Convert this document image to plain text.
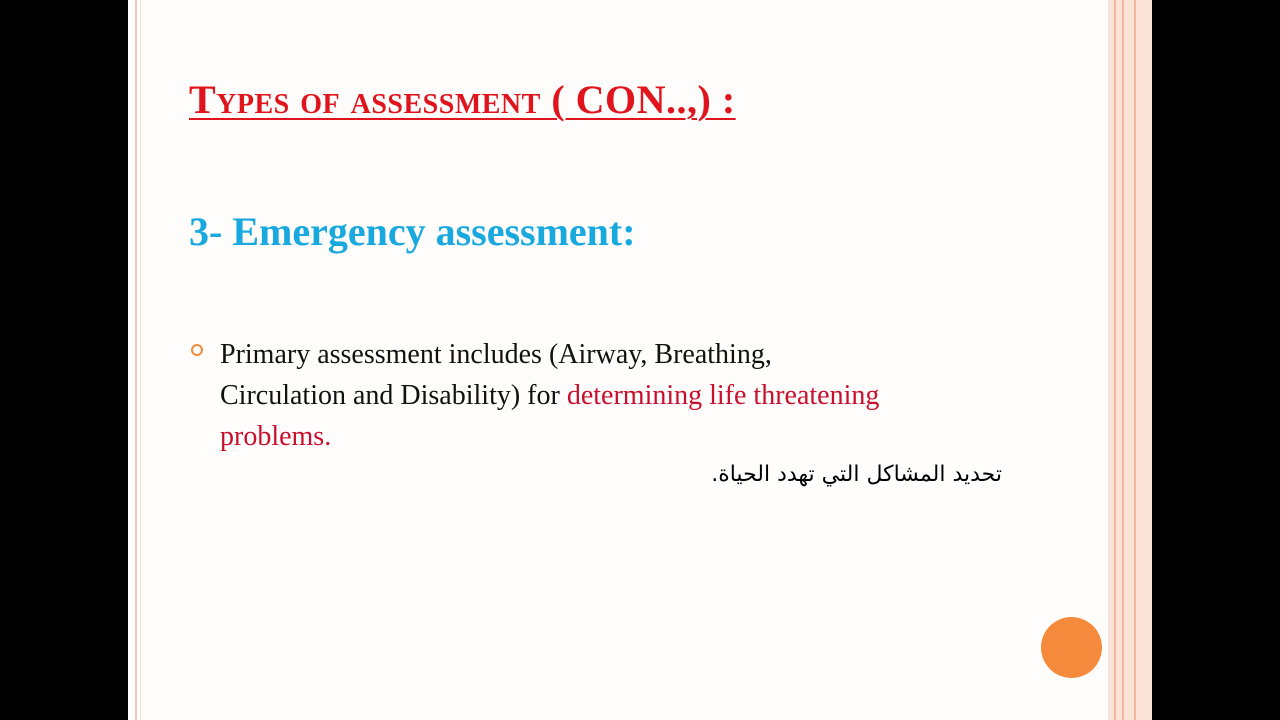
Types of assessment ( CON..,) :
3- Emergency assessment:

Primary assessment includes (Airway, Breathing, Circulation and Disability) for determining life threatening problems.

تحديد المشاكل التي تهدد الحياة.
